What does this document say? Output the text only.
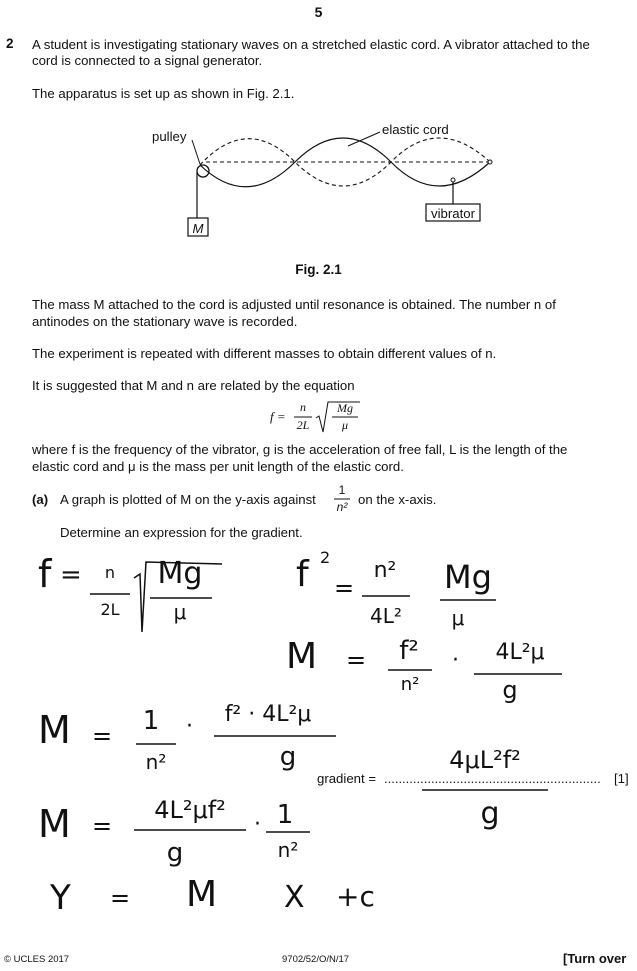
5
2 A student is investigating stationary waves on a stretched elastic cord. A vibrator attached to the
cord is connected to a signal generator.
The apparatus is set up as shown in Fig. 2.1.
pulley	elastic cord
M
vibrator
Fig. 2.1
The mass M attached to the cord is adjusted until resonance is obtained. The number n of
antinodes on the stationary wave is recorded.
The experiment is repeated with different masses to obtain different values of n.
It is suggested that M and n are related by the equation
f =
n
2L
Mg
μ
where f is the frequency of the vibrator, g is the acceleration of free fall, L is the length of the
elastic cord and μ is the mass per unit length of the elastic cord.
(a) A graph is plotted of M on the y-axis against
1
n² on the x-axis.
Determine an expression for the gradient.
f =	n
2L
Mg
μ
f 2
=
n²
4L²
Mg
μ
M =	f²
n²
·	4L²μ
g
M = 1
n²
·	f² · 4L²μ
g
M =
4L²μf²
g
· 1
n²
Y = M X +c
gradient = ............................................................	[1]
4μL²f²
g
© UCLES 2017	9702/52/O/N/17	[Turn over
